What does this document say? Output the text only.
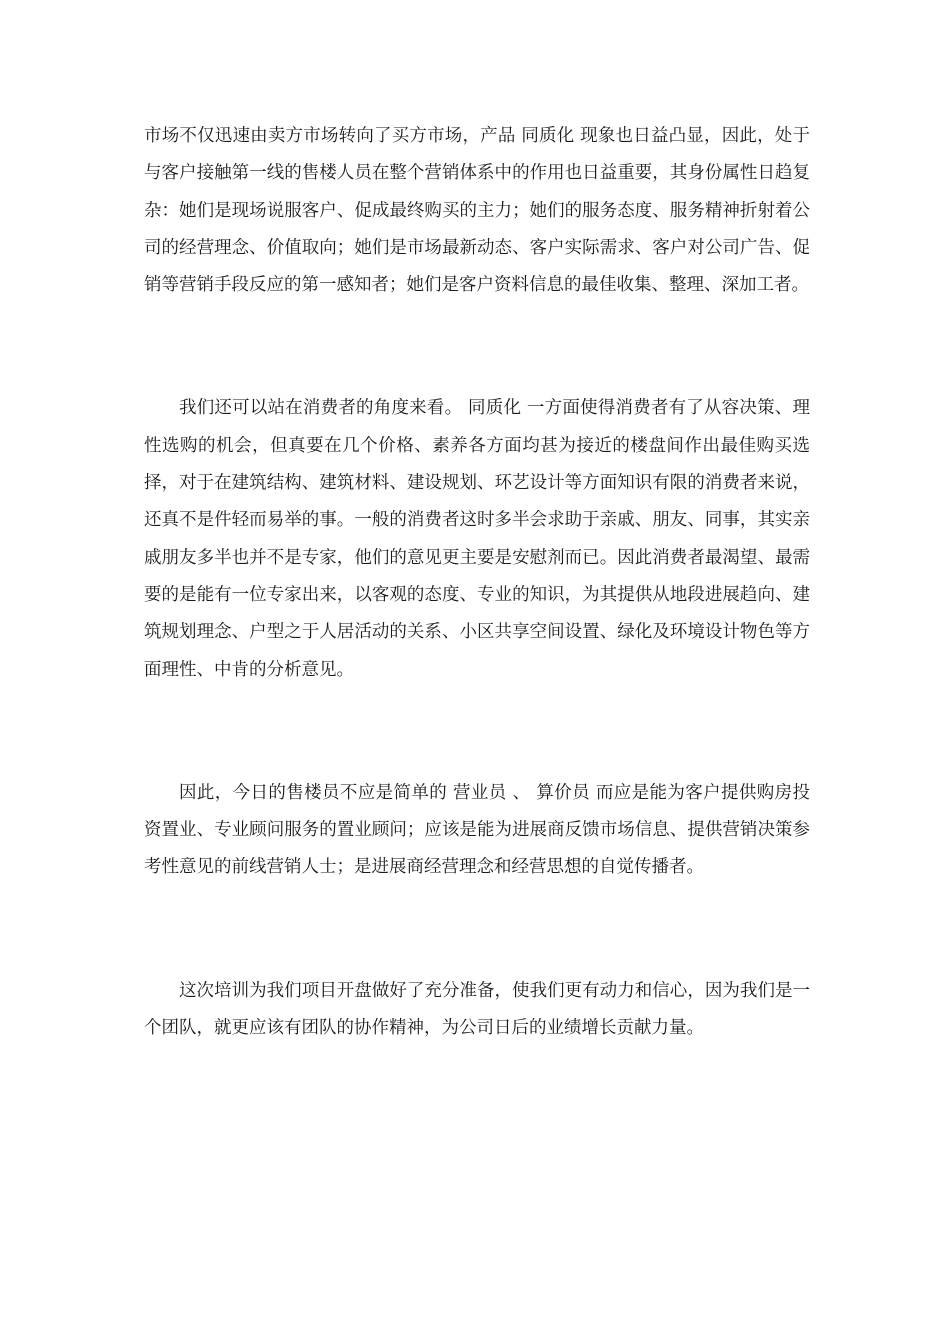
市场不仅迅速由卖方市场转向了买方市场，产品 同质化 现象也日益凸显，因此，处于与客户接触第一线的售楼人员在整个营销体系中的作用也日益重要，其身份属性日趋复杂：她们是现场说服客户、促成最终购买的主力；她们的服务态度、服务精神折射着公司的经营理念、价值取向；她们是市场最新动态、客户实际需求、客户对公司广告、促销等营销手段反应的第一感知者；她们是客户资料信息的最佳收集、整理、深加工者。

我们还可以站在消费者的角度来看。 同质化 一方面使得消费者有了从容决策、理性选购的机会，但真要在几个价格、素养各方面均甚为接近的楼盘间作出最佳购买选择，对于在建筑结构、建筑材料、建设规划、环艺设计等方面知识有限的消费者来说，还真不是件轻而易举的事。一般的消费者这时多半会求助于亲戚、朋友、同事，其实亲戚朋友多半也并不是专家，他们的意见更主要是安慰剂而已。因此消费者最渴望、最需要的是能有一位专家出来，以客观的态度、专业的知识，为其提供从地段进展趋向、建筑规划理念、户型之于人居活动的关系、小区共享空间设置、绿化及环境设计物色等方面理性、中肯的分析意见。

因此，今日的售楼员不应是简单的 营业员 、 算价员 而应是能为客户提供购房投资置业、专业顾问服务的置业顾问；应该是能为进展商反馈市场信息、提供营销决策参考性意见的前线营销人士；是进展商经营理念和经营思想的自觉传播者。

这次培训为我们项目开盘做好了充分准备，使我们更有动力和信心，因为我们是一个团队，就更应该有团队的协作精神，为公司日后的业绩增长贡献力量。
